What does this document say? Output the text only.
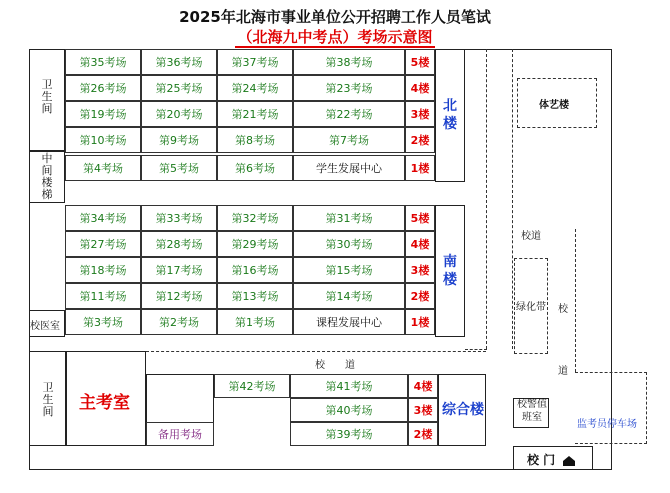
2025年北海市事业单位公开招聘工作人员笔试
（北海九中考点）考场示意图
卫生间
中间楼梯
第35考场	第36考场	第37考场	第38考场	5楼
第26考场	第25考场	第24考场	第23考场	4楼
第19考场	第20考场	第21考场	第22考场	3楼
第10考场	第9考场	第8考场	第7考场	2楼
第4考场	第5考场	第6考场	学生发展中心	1楼
北楼
校医室
第34考场	第33考场	第32考场	第31考场	5楼
第27考场	第28考场	第29考场	第30考场	4楼
第18考场	第17考场	第16考场	第15考场	3楼
第11考场	第12考场	第13考场	第14考场	2楼
第3考场	第2考场	第1考场	课程发展中心	1楼
南楼
卫生间 主考室
校　　道
备用考场
第42考场	第41考场	4楼
第40考场	3楼
第39考场	2楼
综合楼
体艺楼
校道
绿化带 校
道
校警值班室
监考员停车场
校 门
